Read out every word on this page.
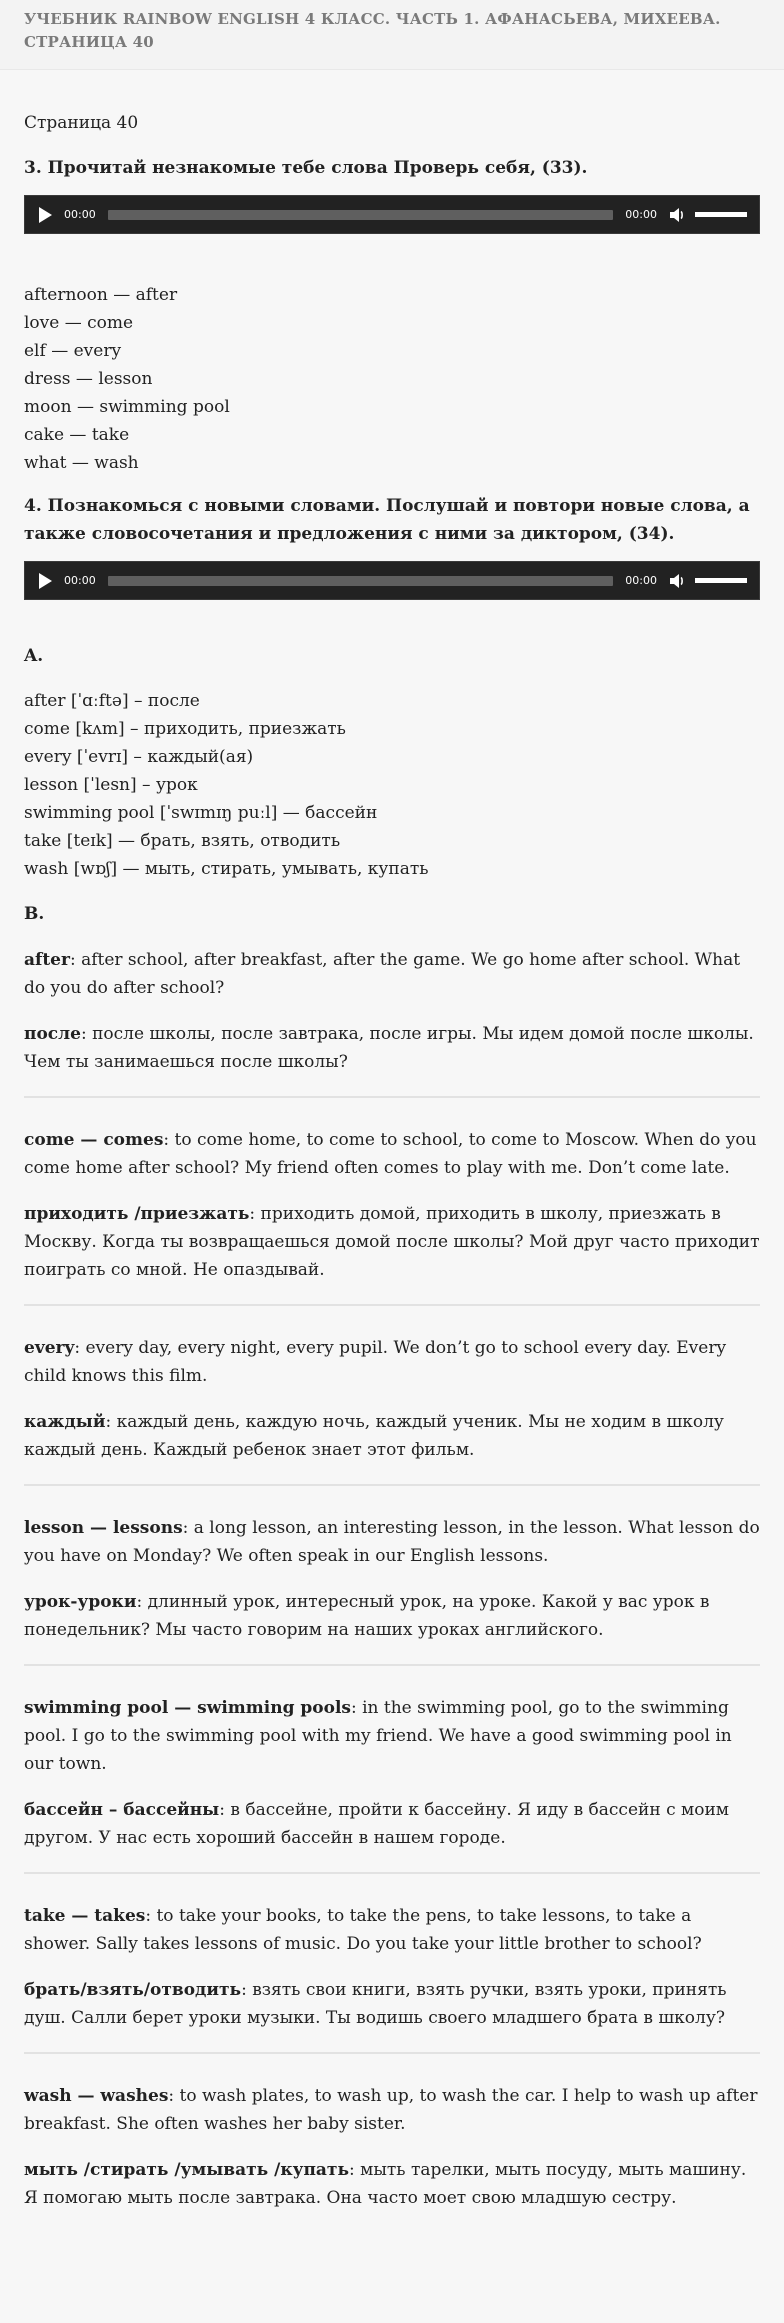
УЧЕБНИК RAINBOW ENGLISH 4 КЛАСС. ЧАСТЬ 1. АФАНАСЬЕВА, МИХЕЕВА. СТРАНИЦА 40
Страница 40
3. Прочитай незнакомые тебе слова Проверь себя, (33).
00:00	00:00
afternoon — after
love — come
elf — every
dress — lesson
moon — swimming pool
cake — take
what — wash
4. Познакомься с новыми словами. Послушай и повтори новые слова, а также словосочетания и предложения с ними за диктором, (34).
00:00	00:00
A.
after [ˈɑːftə] – после
come [kʌm] – приходить, приезжать
every [ˈevrɪ] – каждый(ая)
lesson [ˈlesn] – урок
swimming pool [ˈswɪmɪŋ puːl] — бассейн
take [teɪk] — брать, взять, отводить
wash [wɒʃ] — мыть, стирать, умывать, купать
B.

after: after school, after breakfast, after the game. We go home after school. What do you do after school?

после: после школы, после завтрака, после игры. Мы идем домой после школы. Чем ты занимаешься после школы?

come — comes: to come home, to come to school, to come to Moscow. When do you come home after school? My friend often comes to play with me. Don’t come late.

приходить /приезжать: приходить домой, приходить в школу, приезжать в Москву. Когда ты возвращаешься домой после школы? Мой друг часто приходит поиграть со мной. Не опаздывай.

every: every day, every night, every pupil. We don’t go to school every day. Every child knows this film.

каждый: каждый день, каждую ночь, каждый ученик. Мы не ходим в школу каждый день. Каждый ребенок знает этот фильм.

lesson — lessons: a long lesson, an interesting lesson, in the lesson. What lesson do you have on Monday? We often speak in our English lessons.

урок-уроки: длинный урок, интересный урок, на уроке. Какой у вас урок в понедельник? Мы часто говорим на наших уроках английского.

swimming pool — swimming pools: in the swimming pool, go to the swimming pool. I go to the swimming pool with my friend. We have a good swimming pool in our town.

бассейн – бассейны: в бассейне, пройти к бассейну. Я иду в бассейн с моим другом. У нас есть хороший бассейн в нашем городе.

take — takes: to take your books, to take the pens, to take lessons, to take a shower. Sally takes lessons of music. Do you take your little brother to school?

брать/взять/отводить: взять свои книги, взять ручки, взять уроки, принять душ. Салли берет уроки музыки. Ты водишь своего младшего брата в школу?

wash — washes: to wash plates, to wash up, to wash the car. I help to wash up after breakfast. She often washes her baby sister.

мыть /стирать /умывать /купать: мыть тарелки, мыть посуду, мыть машину. Я помогаю мыть после завтрака. Она часто моет свою младшую сестру.
